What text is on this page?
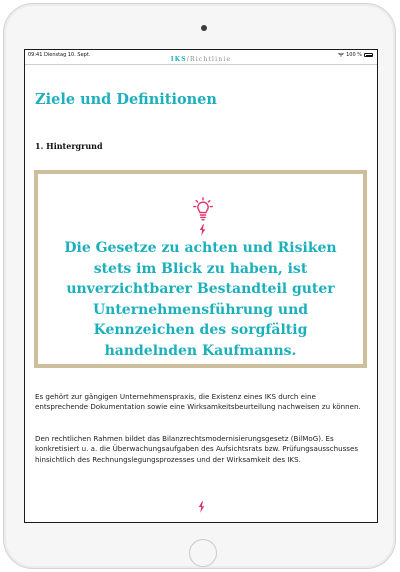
09:41 Dienstag 10. Sept.	100 %
IKS/Richtlinie
Ziele und Definitionen
1. Hintergrund
Die Gesetze zu achten und Risiken stets im Blick zu haben, ist unverzichtbarer Bestandteil guter Unternehmensführung und Kennzeichen des sorgfältig handelnden Kaufmanns.

Es gehört zur gängigen Unternehmenspraxis, die Existenz eines IKS durch eine entsprechende Dokumentation sowie eine Wirksamkeitsbeurteilung nachweisen zu können.

Den rechtlichen Rahmen bildet das Bilanzrechtsmodernisierungsgesetz (BilMoG). Es konkretisiert u. a. die Überwachungsaufgaben des Aufsichtsrats bzw. Prüfungsausschusses hinsichtlich des Rechnungslegungsprozesses und der Wirksamkeit des IKS.
